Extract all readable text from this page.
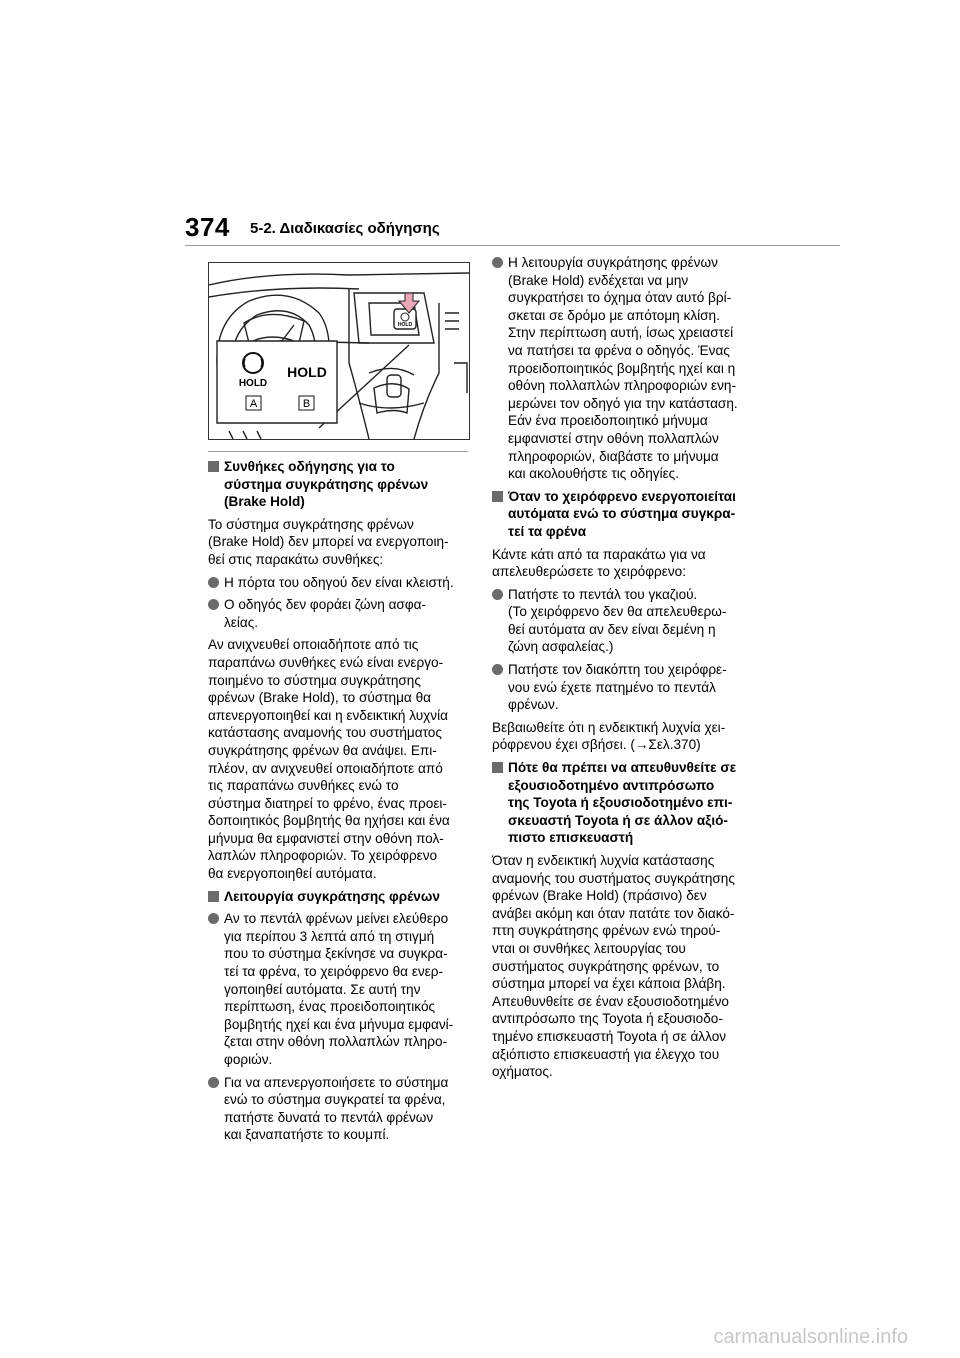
374 5-2. Διαδικασίες οδήγησης
HOLD
HOLD
HOLD
A	B
Συνθήκες οδήγησης για το
σύστημα συγκράτησης φρένων
(Brake Hold)
Το σύστημα συγκράτησης φρένων
(Brake Hold) δεν μπορεί να ενεργοποιη-
θεί στις παρακάτω συνθήκες:
Η πόρτα του οδηγού δεν είναι κλειστή.
Ο οδηγός δεν φοράει ζώνη ασφα-
λείας.
Αν ανιχνευθεί οποιαδήποτε από τις
παραπάνω συνθήκες ενώ είναι ενεργο-
ποιημένο το σύστημα συγκράτησης
φρένων (Brake Hold), το σύστημα θα
απενεργοποιηθεί και η ενδεικτική λυχνία
κατάστασης αναμονής του συστήματος
συγκράτησης φρένων θα ανάψει. Επι-
πλέον, αν ανιχνευθεί οποιαδήποτε από
τις παραπάνω συνθήκες ενώ το
σύστημα διατηρεί το φρένο, ένας προει-
δοποιητικός βομβητής θα ηχήσει και ένα
μήνυμα θα εμφανιστεί στην οθόνη πολ-
λαπλών πληροφοριών. Το χειρόφρενο
θα ενεργοποιηθεί αυτόματα.
Λειτουργία συγκράτησης φρένων
Αν το πεντάλ φρένων μείνει ελεύθερο
για περίπου 3 λεπτά από τη στιγμή
που το σύστημα ξεκίνησε να συγκρα-
τεί τα φρένα, το χειρόφρενο θα ενερ-
γοποιηθεί αυτόματα. Σε αυτή την
περίπτωση, ένας προειδοποιητικός
βομβητής ηχεί και ένα μήνυμα εμφανί-
ζεται στην οθόνη πολλαπλών πληρο-
φοριών.
Για να απενεργοποιήσετε το σύστημα
ενώ το σύστημα συγκρατεί τα φρένα,
πατήστε δυνατά το πεντάλ φρένων
και ξαναπατήστε το κουμπί.
Η λειτουργία συγκράτησης φρένων
(Brake Hold) ενδέχεται να μην
συγκρατήσει το όχημα όταν αυτό βρί-
σκεται σε δρόμο με απότομη κλίση.
Στην περίπτωση αυτή, ίσως χρειαστεί
να πατήσει τα φρένα ο οδηγός. Ένας
προειδοποιητικός βομβητής ηχεί και η
οθόνη πολλαπλών πληροφοριών ενη-
μερώνει τον οδηγό για την κατάσταση.
Εάν ένα προειδοποιητικό μήνυμα
εμφανιστεί στην οθόνη πολλαπλών
πληροφοριών, διαβάστε το μήνυμα
και ακολουθήστε τις οδηγίες.
Όταν το χειρόφρενο ενεργοποιείται
αυτόματα ενώ το σύστημα συγκρα-
τεί τα φρένα
Κάντε κάτι από τα παρακάτω για να
απελευθερώσετε το χειρόφρενο:
Πατήστε το πεντάλ του γκαζιού.
(Το χειρόφρενο δεν θα απελευθερω-
θεί αυτόματα αν δεν είναι δεμένη η
ζώνη ασφαλείας.)
Πατήστε τον διακόπτη του χειρόφρε-
νου ενώ έχετε πατημένο το πεντάλ
φρένων.
Βεβαιωθείτε ότι η ενδεικτική λυχνία χει-
ρόφρενου έχει σβήσει. (→Σελ.370)
Πότε θα πρέπει να απευθυνθείτε σε
εξουσιοδοτημένο αντιπρόσωπο
της Toyota ή εξουσιοδοτημένο επι-
σκευαστή Toyota ή σε άλλον αξιό-
πιστο επισκευαστή
Όταν η ενδεικτική λυχνία κατάστασης
αναμονής του συστήματος συγκράτησης
φρένων (Brake Hold) (πράσινο) δεν
ανάβει ακόμη και όταν πατάτε τον διακό-
πτη συγκράτησης φρένων ενώ τηρού-
νται οι συνθήκες λειτουργίας του
συστήματος συγκράτησης φρένων, το
σύστημα μπορεί να έχει κάποια βλάβη.
Απευθυνθείτε σε έναν εξουσιοδοτημένο
αντιπρόσωπο της Toyota ή εξουσιοδο-
τημένο επισκευαστή Toyota ή σε άλλον
αξιόπιστο επισκευαστή για έλεγχο του
οχήματος.
carmanualsonline.info
